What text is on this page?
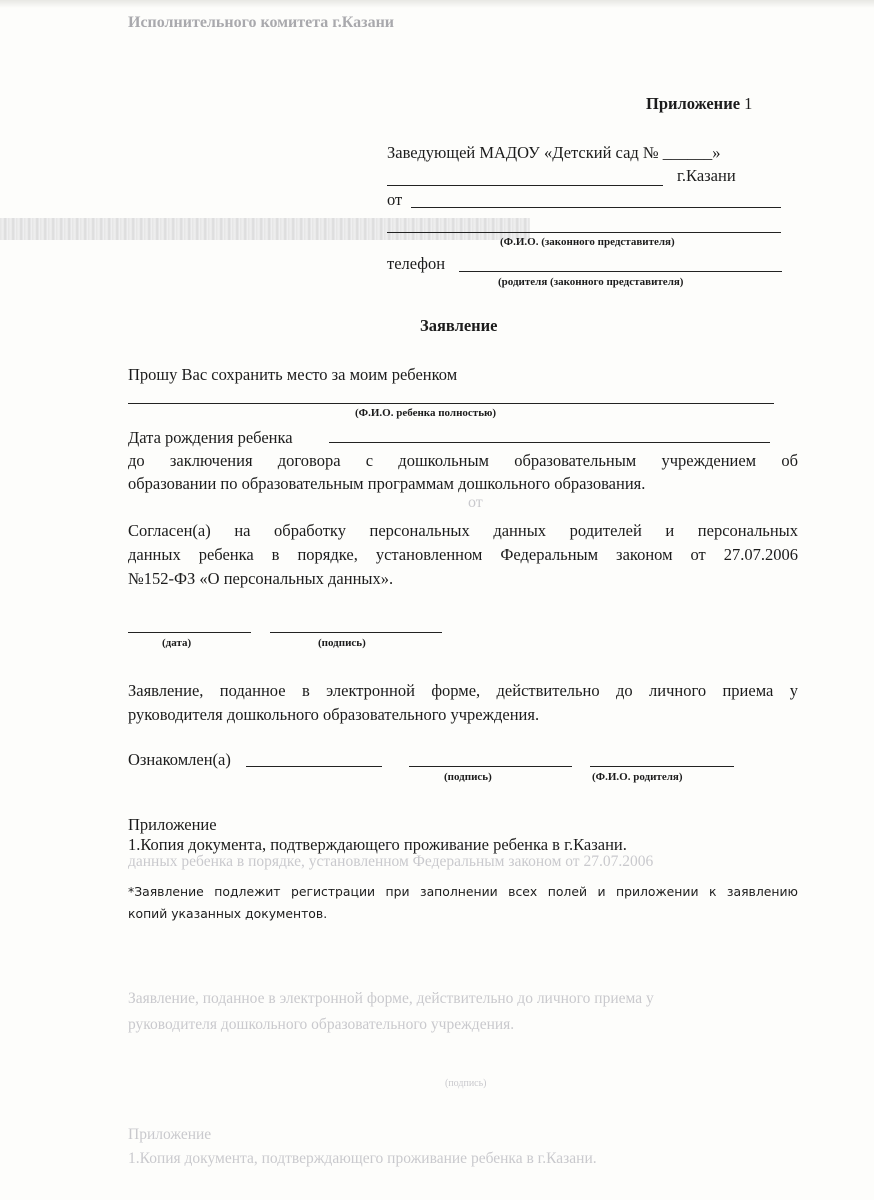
Исполнительного комитета г.Казани
от
данных ребенка в порядке, установленном Федеральным законом от 27.07.2006
Заявление, поданное в электронной форме, действительно до личного приема у
руководителя дошкольного образовательного учреждения.
(подпись)
Приложение
1.Копия документа, подтверждающего проживание ребенка в г.Казани.
Приложение 1
Заведующей МАДОУ «Детский сад № ______»
г.Казани
от
(Ф.И.О. (законного представителя)
телефон
(родителя (законного представителя)
Заявление
Прошу Вас сохранить место за моим ребенком
(Ф.И.О. ребенка полностью)
Дата рождения ребенка
до заключения договора с дошкольным образовательным учреждением об
образовании по образовательным программам дошкольного образования.
Согласен(а) на обработку персональных данных родителей и персональных
данных ребенка в порядке, установленном Федеральным законом от 27.07.2006
№152-ФЗ «О персональных данных».
(дата)	(подпись)
Заявление, поданное в электронной форме, действительно до личного приема у
руководителя дошкольного образовательного учреждения.
Ознакомлен(а)
(подпись)	(Ф.И.О. родителя)
Приложение
1.Копия документа, подтверждающего проживание ребенка в г.Казани.
*Заявление подлежит регистрации при заполнении всех полей и приложении к заявлению
копий указанных документов.
